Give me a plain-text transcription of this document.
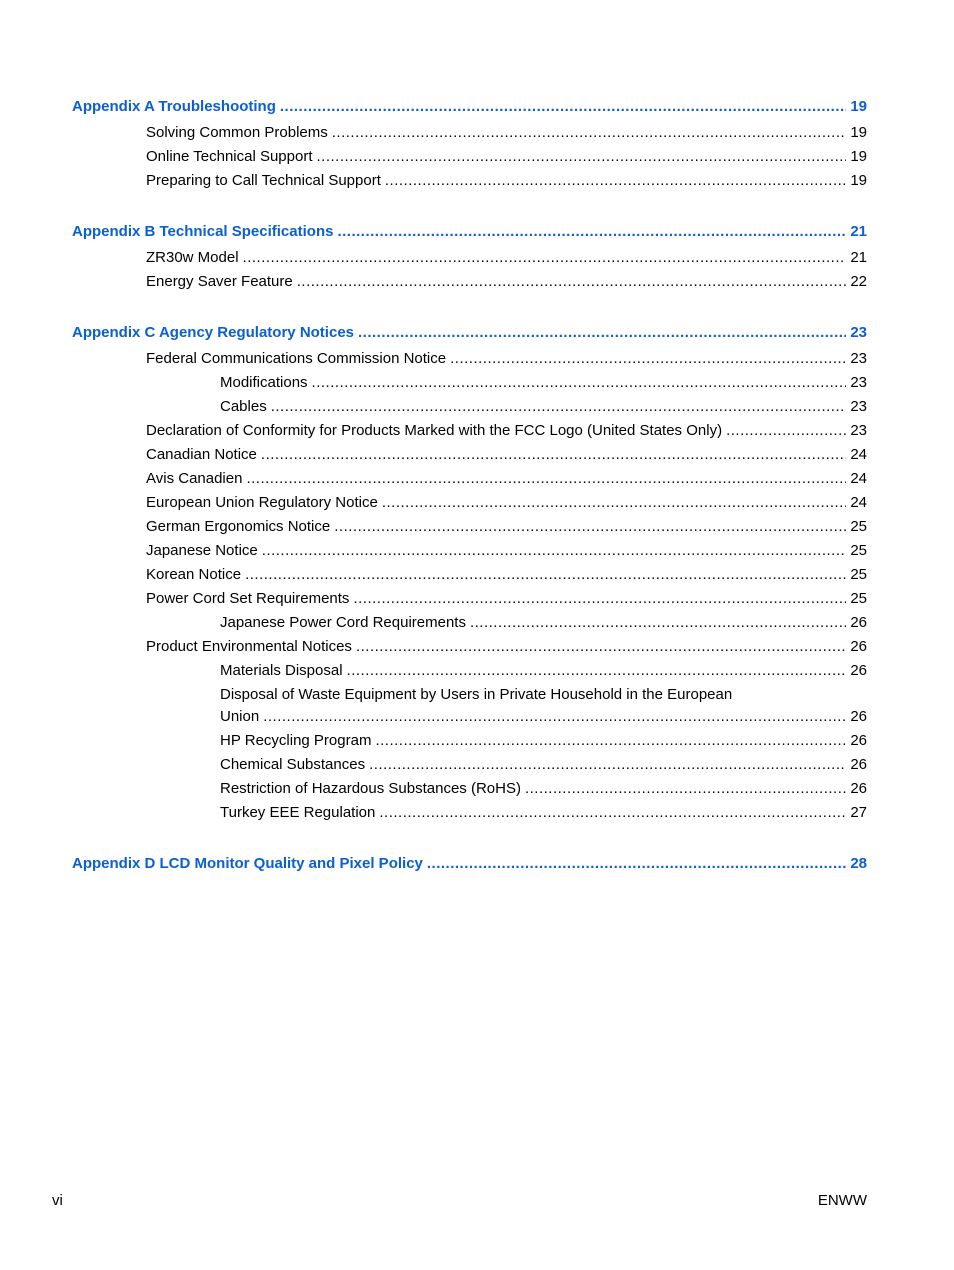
Appendix A Troubleshooting .....	19
Solving Common Problems .....	19
Online Technical Support .....	19
Preparing to Call Technical Support .....	19
Appendix B Technical Specifications .....	21
ZR30w Model .....	21
Energy Saver Feature .....	22
Appendix C Agency Regulatory Notices .....	23
Federal Communications Commission Notice .....	23
Modifications .....	23
Cables .....	23
Declaration of Conformity for Products Marked with the FCC Logo (United States Only) .....	23
Canadian Notice .....	24
Avis Canadien .....	24
European Union Regulatory Notice .....	24
German Ergonomics Notice .....	25
Japanese Notice .....	25
Korean Notice .....	25
Power Cord Set Requirements .....	25
Japanese Power Cord Requirements .....	26
Product Environmental Notices .....	26
Materials Disposal .....	26
Disposal of Waste Equipment by Users in Private Household in the European
Union .....	26
HP Recycling Program .....	26
Chemical Substances .....	26
Restriction of Hazardous Substances (RoHS) .....	26
Turkey EEE Regulation .....	27
Appendix D LCD Monitor Quality and Pixel Policy .....	28
vi	ENWW
